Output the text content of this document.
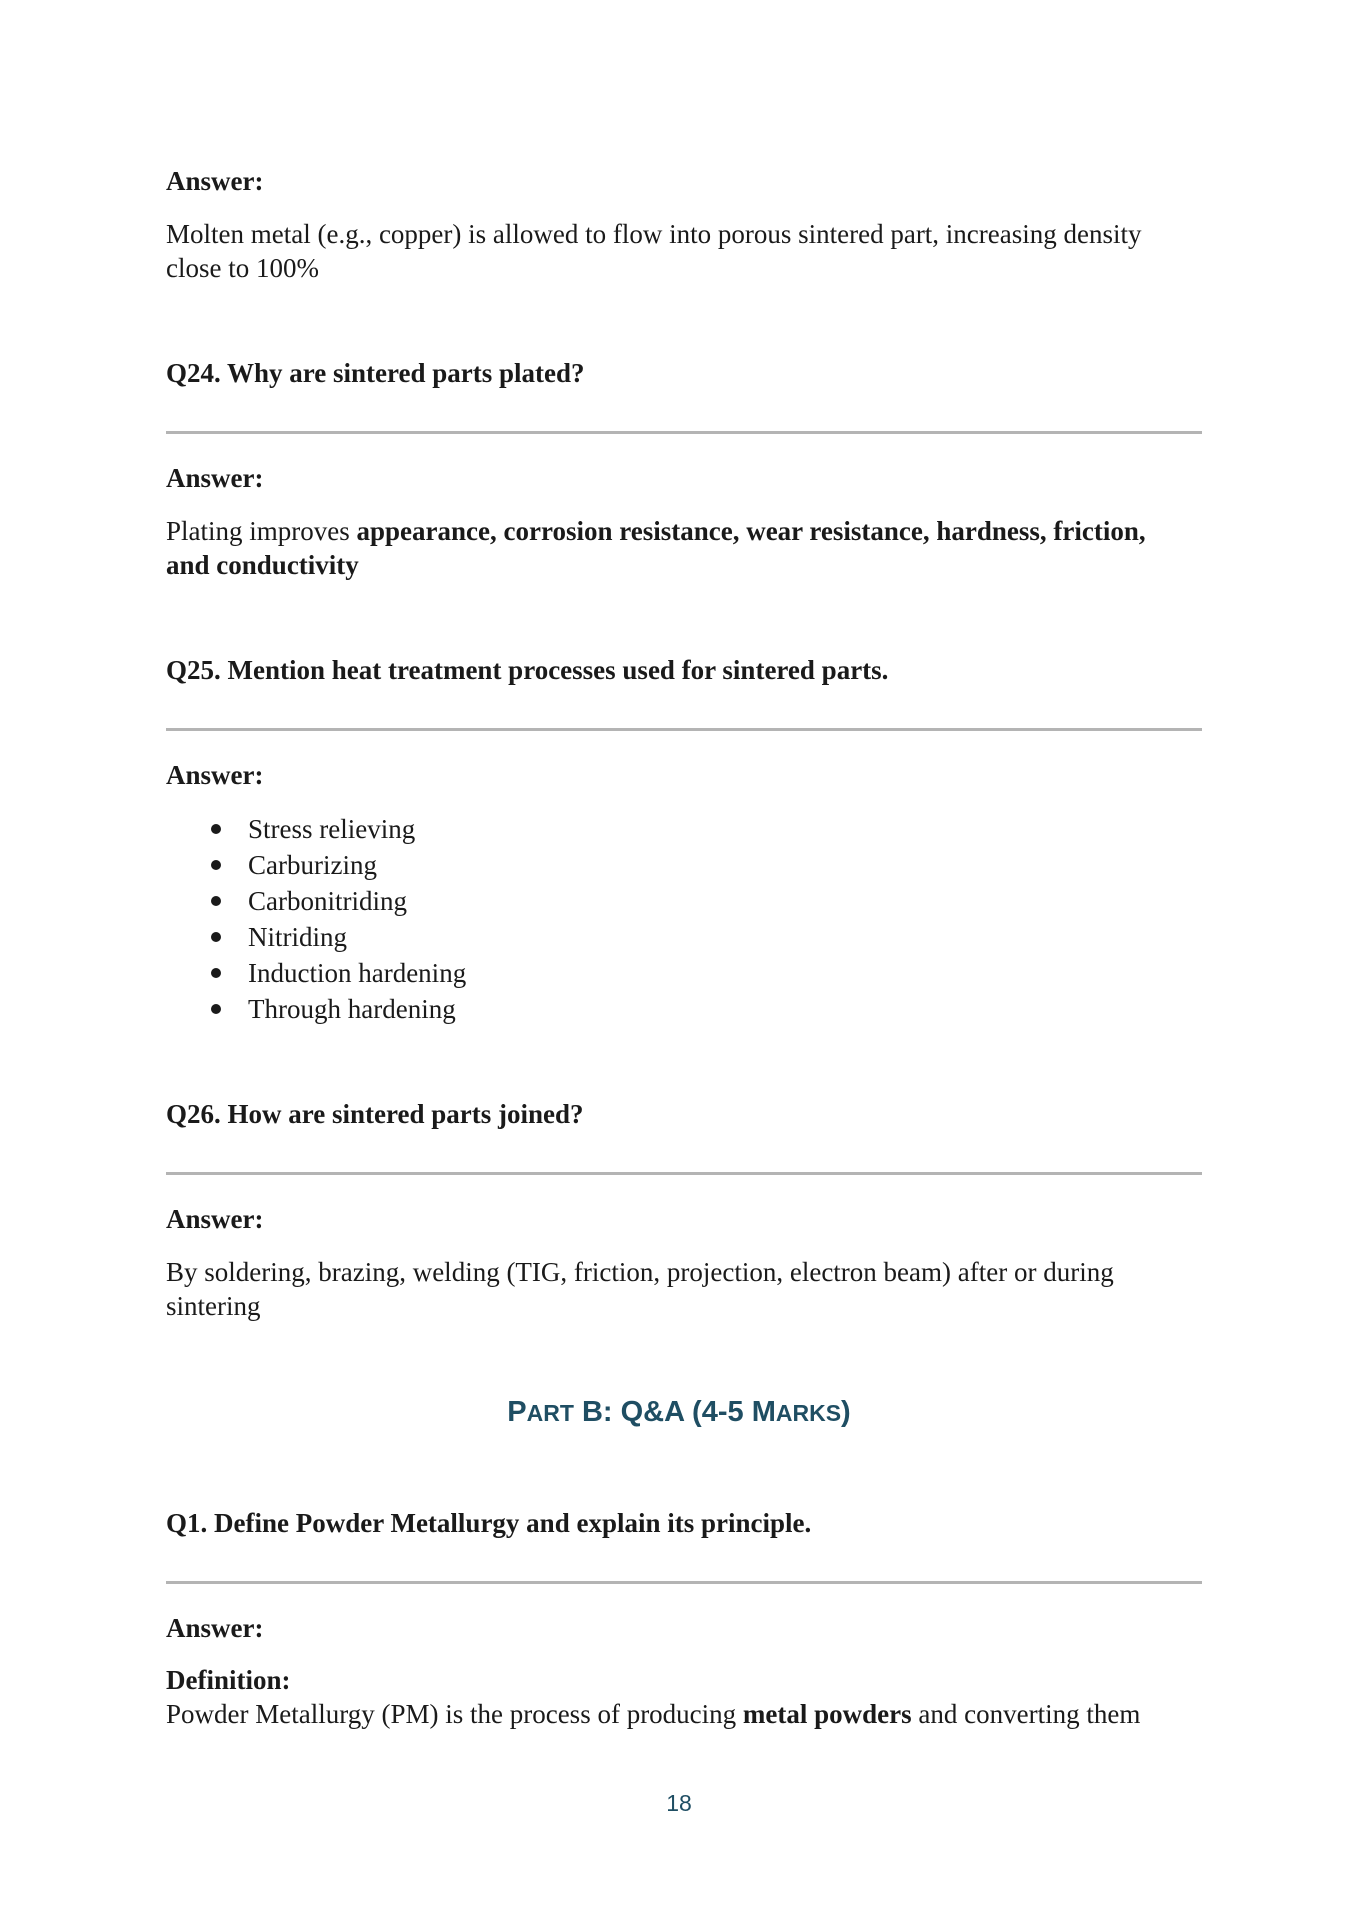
Answer:
Molten metal (e.g., copper) is allowed to flow into porous sintered part, increasing density close to 100%
Q24. Why are sintered parts plated?
Answer:
Plating improves appearance, corrosion resistance, wear resistance, hardness, friction, and conductivity
Q25. Mention heat treatment processes used for sintered parts.
Answer:
Stress relieving
Carburizing
Carbonitriding
Nitriding
Induction hardening
Through hardening
Q26. How are sintered parts joined?
Answer:
By soldering, brazing, welding (TIG, friction, projection, electron beam) after or during sintering
PART B: Q&A (4-5 MARKS)
Q1. Define Powder Metallurgy and explain its principle.
Answer:
Definition:
Powder Metallurgy (PM) is the process of producing metal powders and converting them
18
